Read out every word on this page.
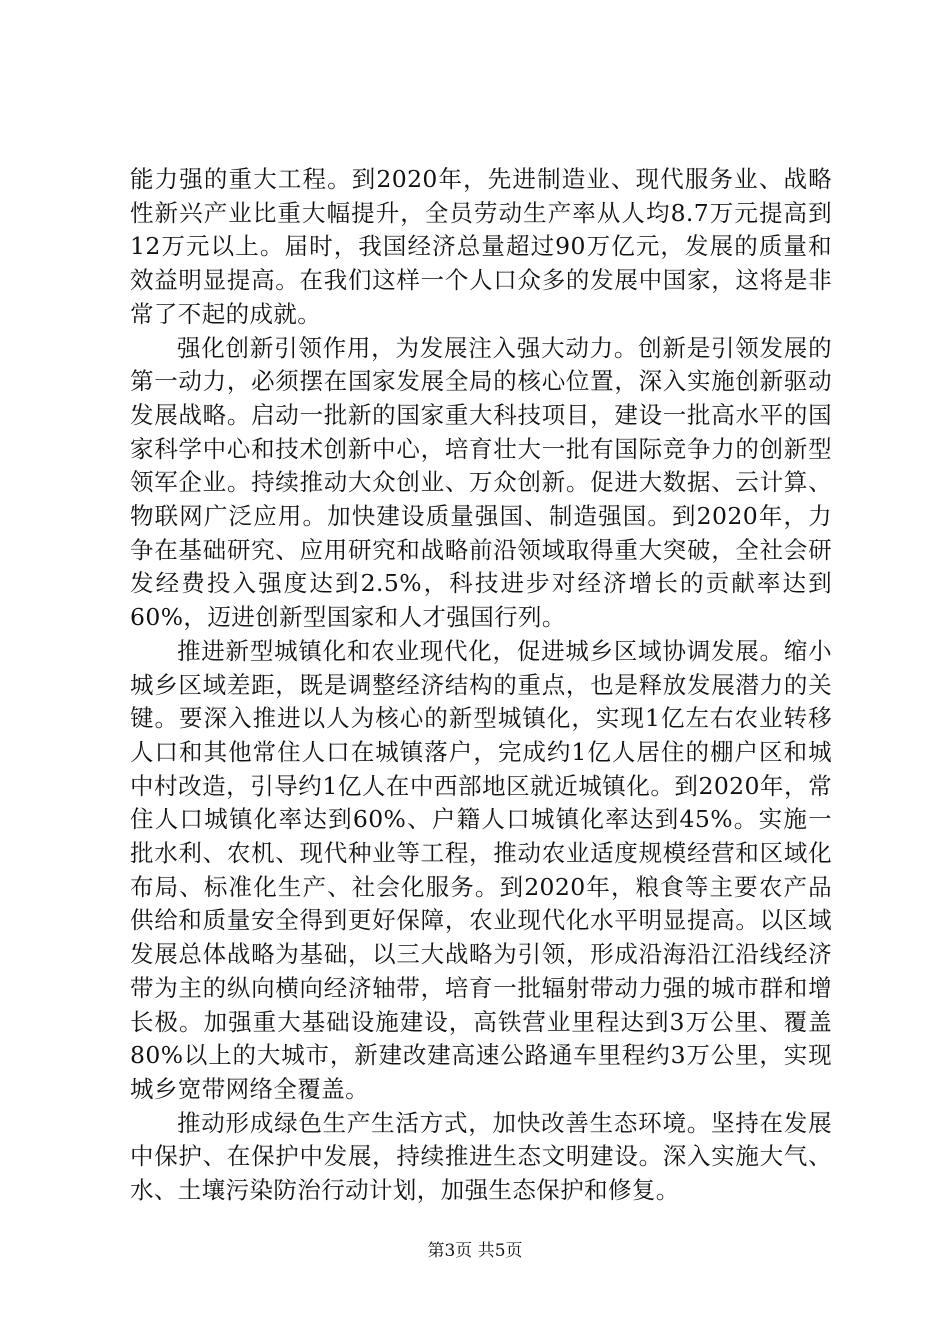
能力强的重大工程。到2020年，先进制造业、现代服务业、战略性新兴产业比重大幅提升，全员劳动生产率从人均8.7万元提高到12万元以上。届时，我国经济总量超过90万亿元，发展的质量和效益明显提高。在我们这样一个人口众多的发展中国家，这将是非常了不起的成就。

强化创新引领作用，为发展注入强大动力。创新是引领发展的第一动力，必须摆在国家发展全局的核心位置，深入实施创新驱动发展战略。启动一批新的国家重大科技项目，建设一批高水平的国家科学中心和技术创新中心，培育壮大一批有国际竞争力的创新型领军企业。持续推动大众创业、万众创新。促进大数据、云计算、物联网广泛应用。加快建设质量强国、制造强国。到2020年，力争在基础研究、应用研究和战略前沿领域取得重大突破，全社会研发经费投入强度达到2.5%，科技进步对经济增长的贡献率达到60%，迈进创新型国家和人才强国行列。

推进新型城镇化和农业现代化，促进城乡区域协调发展。缩小城乡区域差距，既是调整经济结构的重点，也是释放发展潜力的关键。要深入推进以人为核心的新型城镇化，实现1亿左右农业转移人口和其他常住人口在城镇落户，完成约1亿人居住的棚户区和城中村改造，引导约1亿人在中西部地区就近城镇化。到2020年，常住人口城镇化率达到60%、户籍人口城镇化率达到45%。实施一批水利、农机、现代种业等工程，推动农业适度规模经营和区域化布局、标准化生产、社会化服务。到2020年，粮食等主要农产品供给和质量安全得到更好保障，农业现代化水平明显提高。以区域发展总体战略为基础，以三大战略为引领，形成沿海沿江沿线经济带为主的纵向横向经济轴带，培育一批辐射带动力强的城市群和增长极。加强重大基础设施建设，高铁营业里程达到3万公里、覆盖80%以上的大城市，新建改建高速公路通车里程约3万公里，实现城乡宽带网络全覆盖。

推动形成绿色生产生活方式，加快改善生态环境。坚持在发展中保护、在保护中发展，持续推进生态文明建设。深入实施大气、水、土壤污染防治行动计划，加强生态保护和修复。

第3页 共5页
